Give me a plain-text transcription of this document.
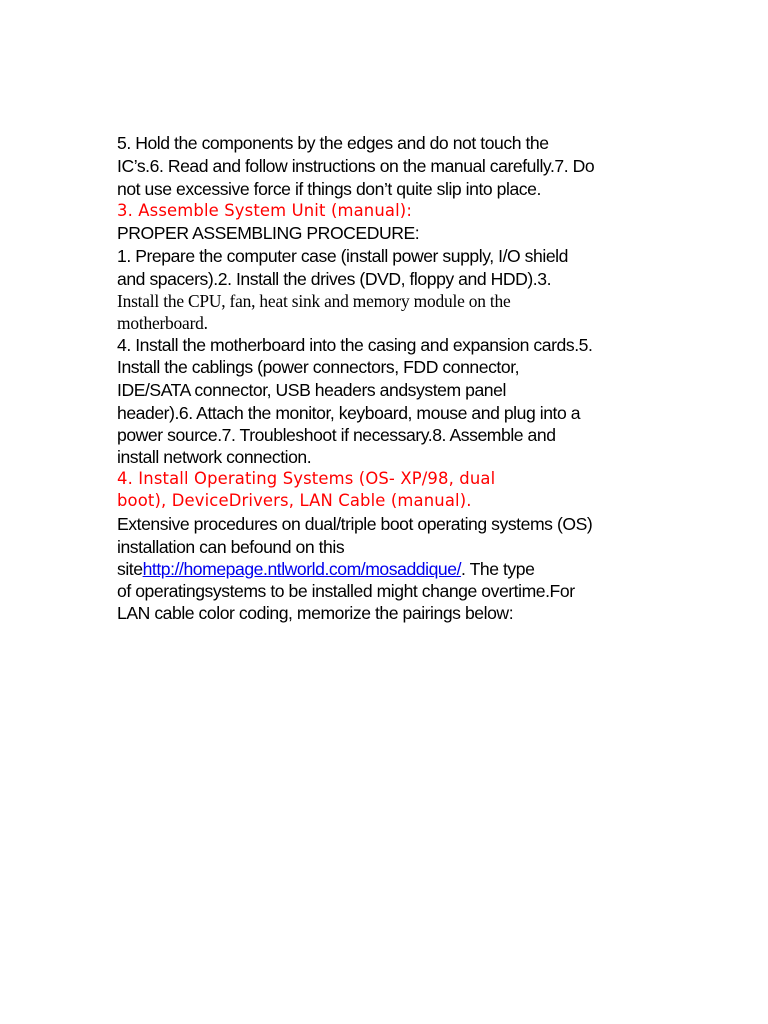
5. Hold the components by the edges and do not touch the
IC’s.6. Read and follow instructions on the manual carefully.7. Do
not use excessive force if things don’t quite slip into place.
3. Assemble System Unit (manual):
PROPER ASSEMBLING PROCEDURE:
1. Prepare the computer case (install power supply, I/O shield
and spacers).2. Install the drives (DVD, floppy and HDD).3.
Install the CPU, fan, heat sink and memory module on the
motherboard.
4. Install the motherboard into the casing and expansion cards.5.
Install the cablings (power connectors, FDD connector,
IDE/SATA connector, USB headers andsystem panel
header).6. Attach the monitor, keyboard, mouse and plug into a
power source.7. Troubleshoot if necessary.8. Assemble and
install network connection.
4. Install Operating Systems (OS- XP/98, dual
boot), DeviceDrivers, LAN Cable (manual).
Extensive procedures on dual/triple boot operating systems (OS)
installation can befound on this
sitehttp://homepage.ntlworld.com/mosaddique/. The type
of operatingsystems to be installed might change overtime.For
LAN cable color coding, memorize the pairings below:
